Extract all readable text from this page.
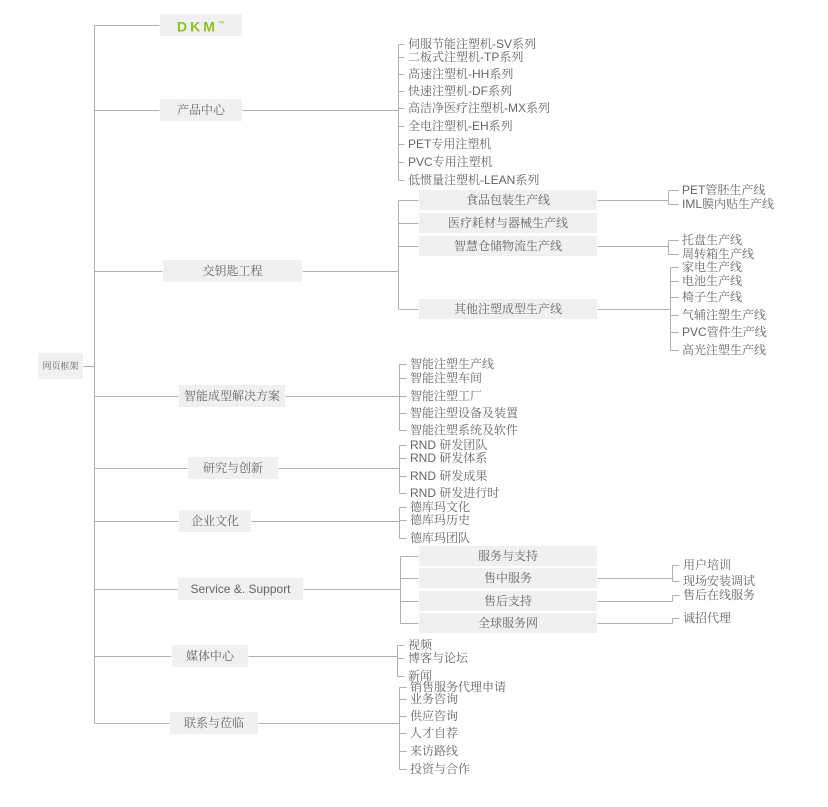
网页框架
DKM™
产品中心
伺服节能注塑机-SV系列
二板式注塑机-TP系列
高速注塑机-HH系列
快速注塑机-DF系列
高洁净医疗注塑机-MX系列
全电注塑机-EH系列
PET专用注塑机
PVC专用注塑机
低惯量注塑机-LEAN系列
交钥匙工程
食品包装生产线
PET管胚生产线
IML膜内贴生产线
医疗耗材与器械生产线
智慧仓储物流生产线	托盘生产线
周转箱生产线
其他注塑成型生产线
家电生产线
电池生产线
椅子生产线
气辅注塑生产线
PVC管件生产线
高光注塑生产线
智能成型解决方案
智能注塑生产线
智能注塑车间
智能注塑工厂
智能注塑设备及装置
智能注塑系统及软件
研究与创新
RND 研发团队
RND 研发体系
RND 研发成果
RND 研发进行时
企业文化
德库玛文化
德库玛历史
德库玛团队
Service &. Support
服务与支持
售中服务
用户培训
现场安装调试
售后支持	售后在线服务
全球服务网	诚招代理
媒体中心
视频
博客与论坛
新闻
联系与莅临
销售服务代理申请
业务咨询
供应咨询
人才自荐
来访路线
投资与合作
